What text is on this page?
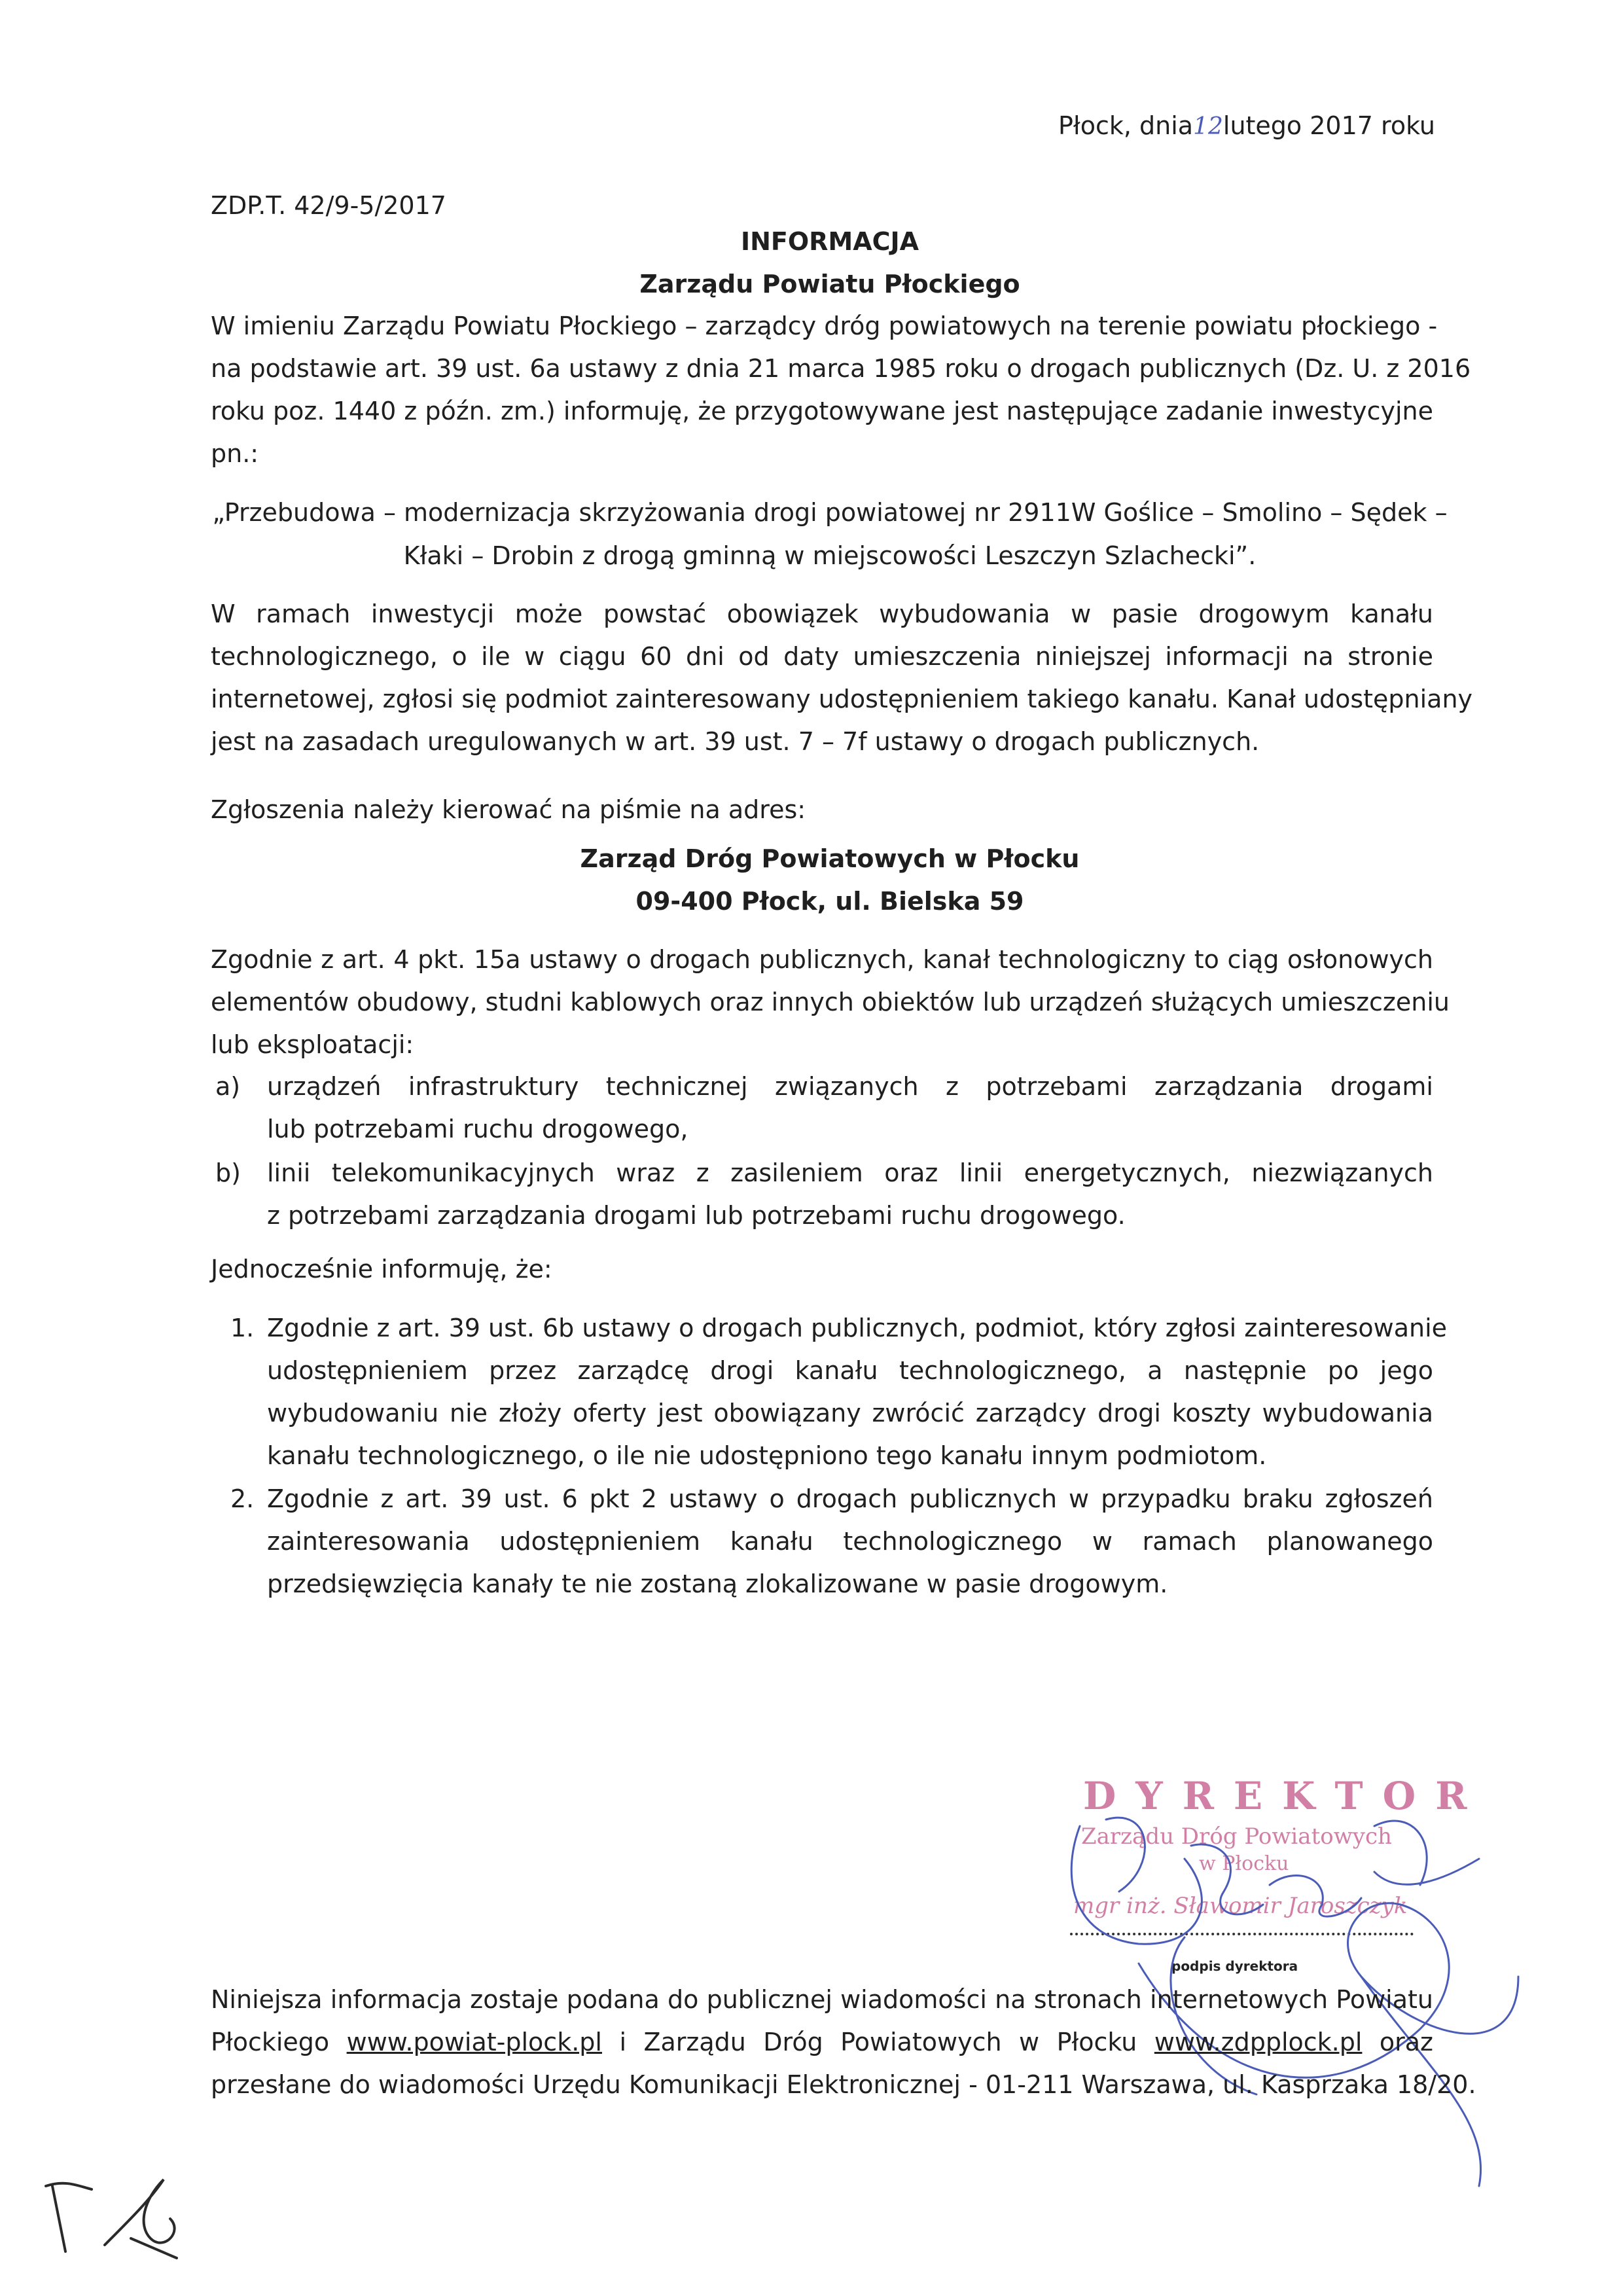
Płock, dnia12lutego 2017 roku
ZDP.T. 42/9-5/2017
INFORMACJA
Zarządu Powiatu Płockiego
W imieniu Zarządu Powiatu Płockiego – zarządcy dróg powiatowych na terenie powiatu płockiego -
na podstawie art. 39 ust. 6a ustawy z dnia 21 marca 1985 roku o drogach publicznych (Dz. U. z 2016
roku poz. 1440 z późn. zm.) informuję, że przygotowywane jest następujące zadanie inwestycyjne
pn.:
„Przebudowa – modernizacja skrzyżowania drogi powiatowej nr 2911W Goślice – Smolino – Sędek –
Kłaki – Drobin z drogą gminną w miejscowości Leszczyn Szlachecki”.
W ramach inwestycji może powstać obowiązek wybudowania w pasie drogowym kanału
technologicznego, o ile w ciągu 60 dni od daty umieszczenia niniejszej informacji na stronie
internetowej, zgłosi się podmiot zainteresowany udostępnieniem takiego kanału. Kanał udostępniany
jest na zasadach uregulowanych w art. 39 ust. 7 – 7f ustawy o drogach publicznych.
Zgłoszenia należy kierować na piśmie na adres:
Zarząd Dróg Powiatowych w Płocku
09-400 Płock, ul. Bielska 59
Zgodnie z art. 4 pkt. 15a ustawy o drogach publicznych, kanał technologiczny to ciąg osłonowych
elementów obudowy, studni kablowych oraz innych obiektów lub urządzeń służących umieszczeniu
lub eksploatacji:
a) urządzeń infrastruktury technicznej związanych z potrzebami zarządzania drogami
lub potrzebami ruchu drogowego,
b) linii telekomunikacyjnych wraz z zasileniem oraz linii energetycznych, niezwiązanych
z potrzebami zarządzania drogami lub potrzebami ruchu drogowego.
Jednocześnie informuję, że:
1. Zgodnie z art. 39 ust. 6b ustawy o drogach publicznych, podmiot, który zgłosi zainteresowanie
udostępnieniem przez zarządcę drogi kanału technologicznego, a następnie po jego
wybudowaniu nie złoży oferty jest obowiązany zwrócić zarządcy drogi koszty wybudowania
kanału technologicznego, o ile nie udostępniono tego kanału innym podmiotom.
2. Zgodnie z art. 39 ust. 6 pkt 2 ustawy o drogach publicznych w przypadku braku zgłoszeń
zainteresowania udostępnieniem kanału technologicznego w ramach planowanego
przedsięwzięcia kanały te nie zostaną zlokalizowane w pasie drogowym.
DYREKTOR
Zarządu Dróg Powiatowych
w Płocku
mgr inż. Sławomir Jaroszczyk
podpis dyrektora
Niniejsza informacja zostaje podana do publicznej wiadomości na stronach internetowych Powiatu
Płockiego www.powiat-plock.pl i Zarządu Dróg Powiatowych w Płocku www.zdpplock.pl oraz
przesłane do wiadomości Urzędu Komunikacji Elektronicznej - 01-211 Warszawa, ul. Kasprzaka 18/20.
